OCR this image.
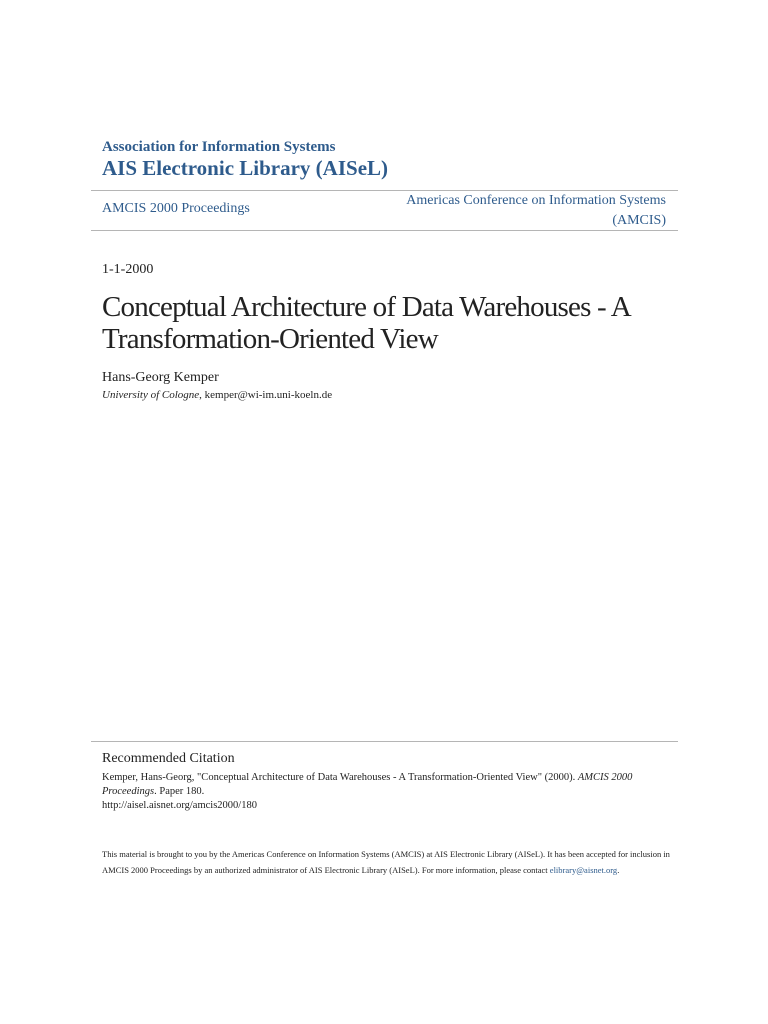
Association for Information Systems
AIS Electronic Library (AISeL)
AMCIS 2000 Proceedings
Americas Conference on Information Systems
(AMCIS)
1-1-2000
Conceptual Architecture of Data Warehouses - A Transformation-Oriented View
Hans-Georg Kemper
University of Cologne, kemper@wi-im.uni-koeln.de
Recommended Citation
Kemper, Hans-Georg, "Conceptual Architecture of Data Warehouses - A Transformation-Oriented View" (2000). AMCIS 2000 Proceedings. Paper 180.
http://aisel.aisnet.org/amcis2000/180
This material is brought to you by the Americas Conference on Information Systems (AMCIS) at AIS Electronic Library (AISeL). It has been accepted for inclusion in AMCIS 2000 Proceedings by an authorized administrator of AIS Electronic Library (AISeL). For more information, please contact elibrary@aisnet.org.
